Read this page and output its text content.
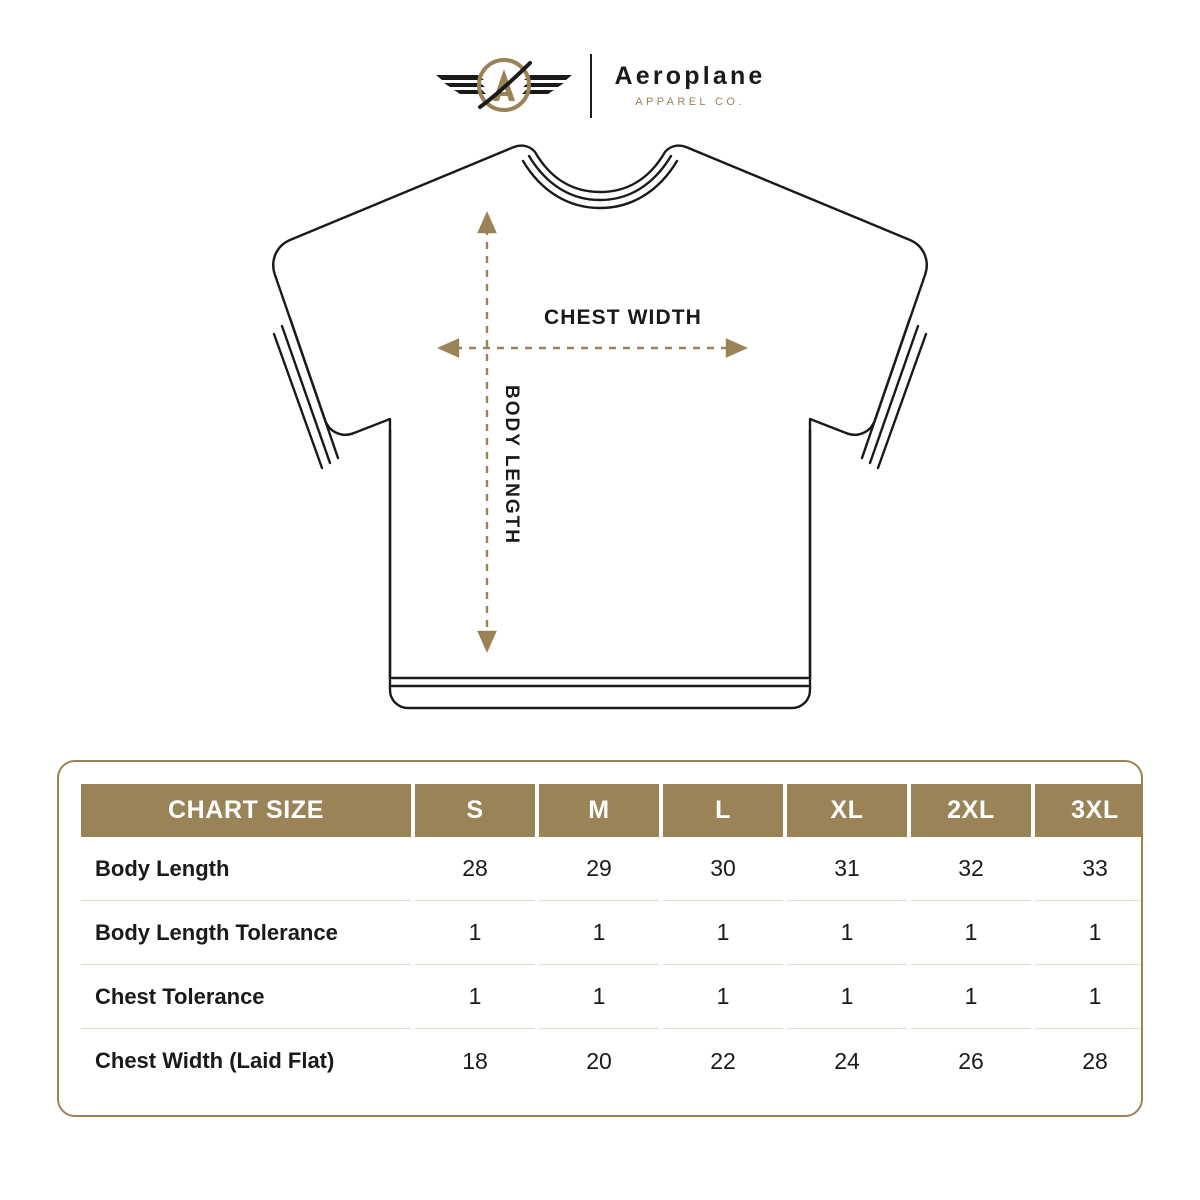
Aeroplane
APPAREL CO.
CHEST WIDTH
BODY LENGTH
CHART SIZE	S	M	L	XL	2XL	3XL
Body Length	28	29	30	31	32	33
Body Length Tolerance	1	1	1	1	1	1
Chest Tolerance	1	1	1	1	1	1
Chest Width (Laid Flat)	18	20	22	24	26	28
